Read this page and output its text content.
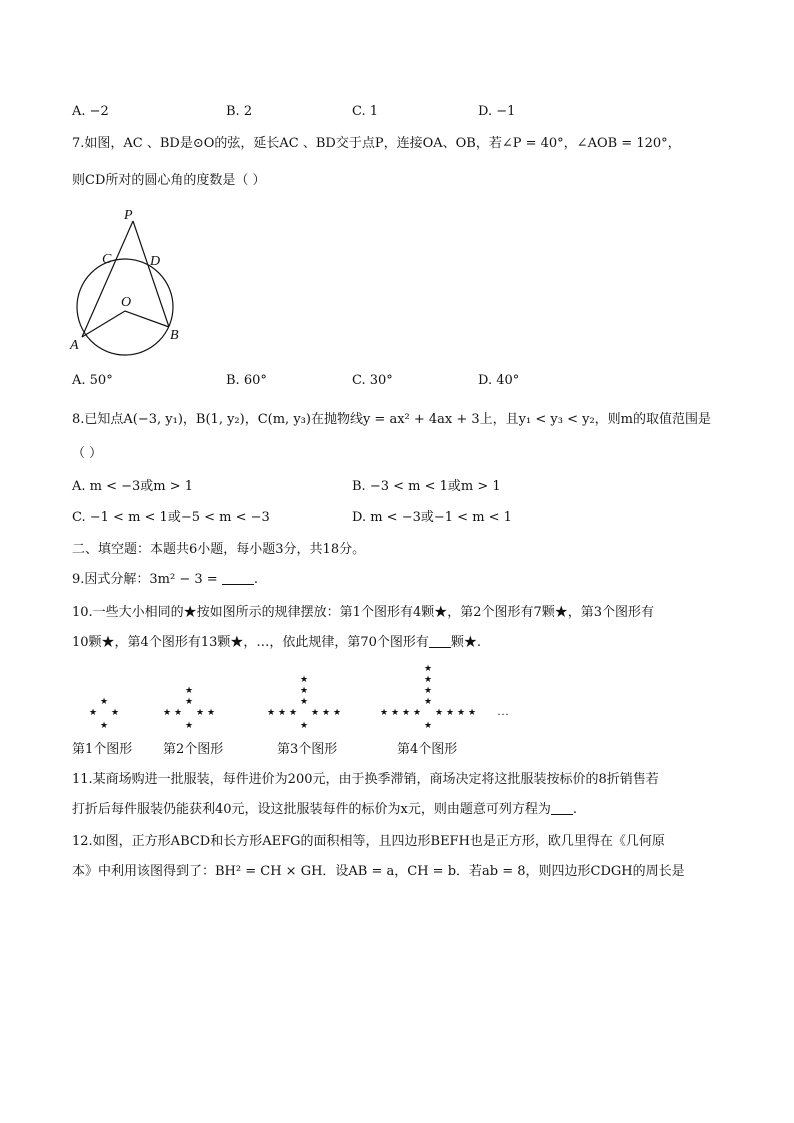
A. −2	B. 2	C. 1	D. −1
7.如图，AC 、BD是⊙O的弦，延长AC 、BD交于点P，连接OA、OB，若∠P = 40°，∠AOB = 120°，
则CD所对的圆心角的度数是（ ）
P
C	D
O
A
B
A. 50°	B. 60°	C. 30°	D. 40°
8.已知点A(−3, y₁)，B(1, y₂)，C(m, y₃)在抛物线y = ax² + 4ax + 3上，且y₁ < y₃ < y₂，则m的取值范围是
（ ）
A. m < −3或m > 1	B. −3 < m < 1或m > 1
C. −1 < m < 1或−5 < m < −3	D. m < −3或−1 < m < 1
二、填空题：本题共6小题，每小题3分，共18分。
9.因式分解：3m² − 3 = .
10.一些大小相同的★按如图所示的规律摆放：第1个图形有4颗★，第2个图形有7颗★，第3个图形有
10颗★，第4个图形有13颗★，…，依此规律，第70个图形有 颗★.
★ ★
★
★
★ ★
★	★
★
★
★
★ ★
★	★
★	★
★
★
★
★
★ ★
★	★
★	★
★	★
★
★
★
★
★
…
第1个图形 第2个图形	第3个图形	第4个图形
11.某商场购进一批服装，每件进价为200元，由于换季滞销，商场决定将这批服装按标价的8折销售若
打折后每件服装仍能获利40元，设这批服装每件的标价为x元，则由题意可列方程为 .
12.如图，正方形ABCD和长方形AEFG的面积相等，且四边形BEFH也是正方形，欧几里得在《几何原
本》中利用该图得到了：BH² = CH × GH．设AB = a，CH = b．若ab = 8，则四边形CDGH的周长是
